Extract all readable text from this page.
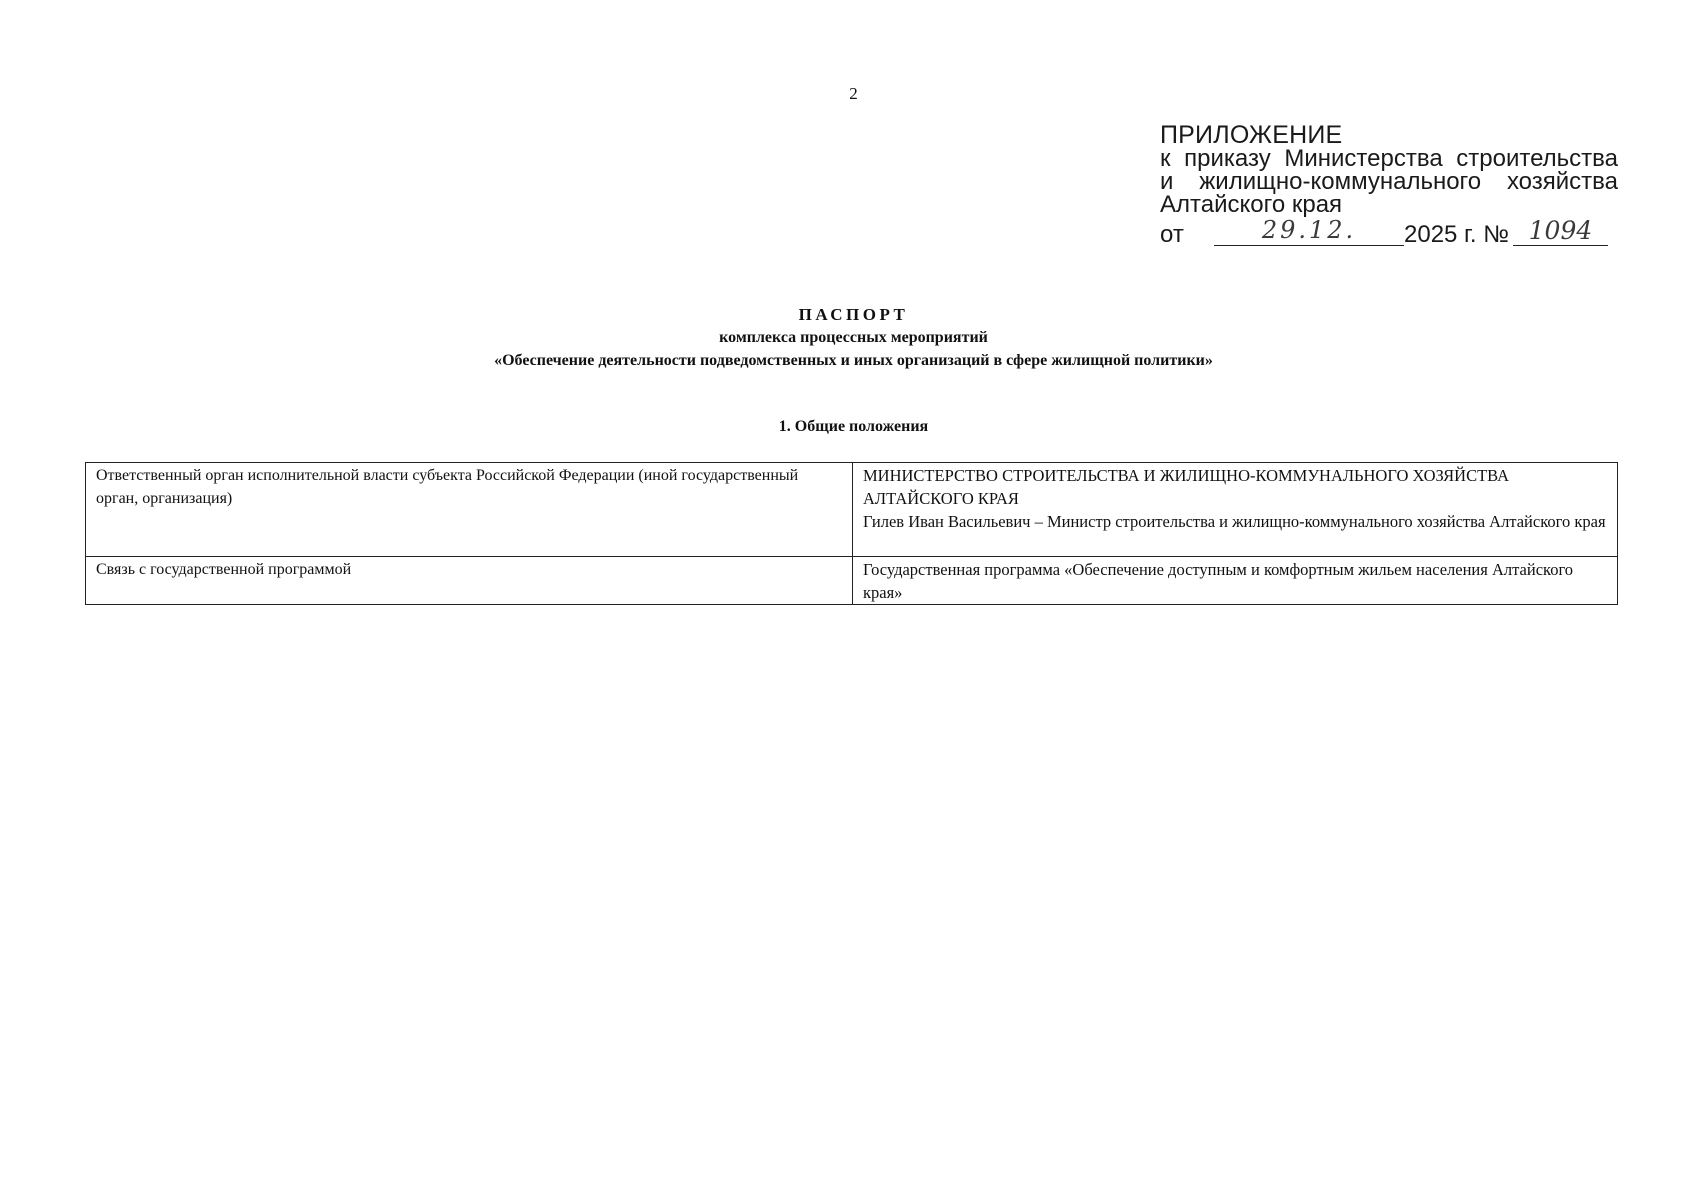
2
ПРИЛОЖЕНИЕ
к приказу Министерства строительства
и жилищно-коммунального хозяйства
Алтайского края
от	29.12.	2025 г. № 1094
ПАСПОРТ
комплекса процессных мероприятий
«Обеспечение деятельности подведомственных и иных организаций в сфере жилищной политики»
1. Общие положения
Ответственный орган исполнительной власти субъекта Российской Федерации (иной государственный орган, организация)	МИНИСТЕРСТВО СТРОИТЕЛЬСТВА И ЖИЛИЩНО-КОММУНАЛЬНОГО ХОЗЯЙСТВА АЛТАЙСКОГО КРАЯ
Гилев Иван Васильевич – Министр строительства и жилищно-коммунального хозяйства Алтайского края

Связь с государственной программой	Государственная программа «Обеспечение доступным и комфортным жильем населения Алтайского края»
